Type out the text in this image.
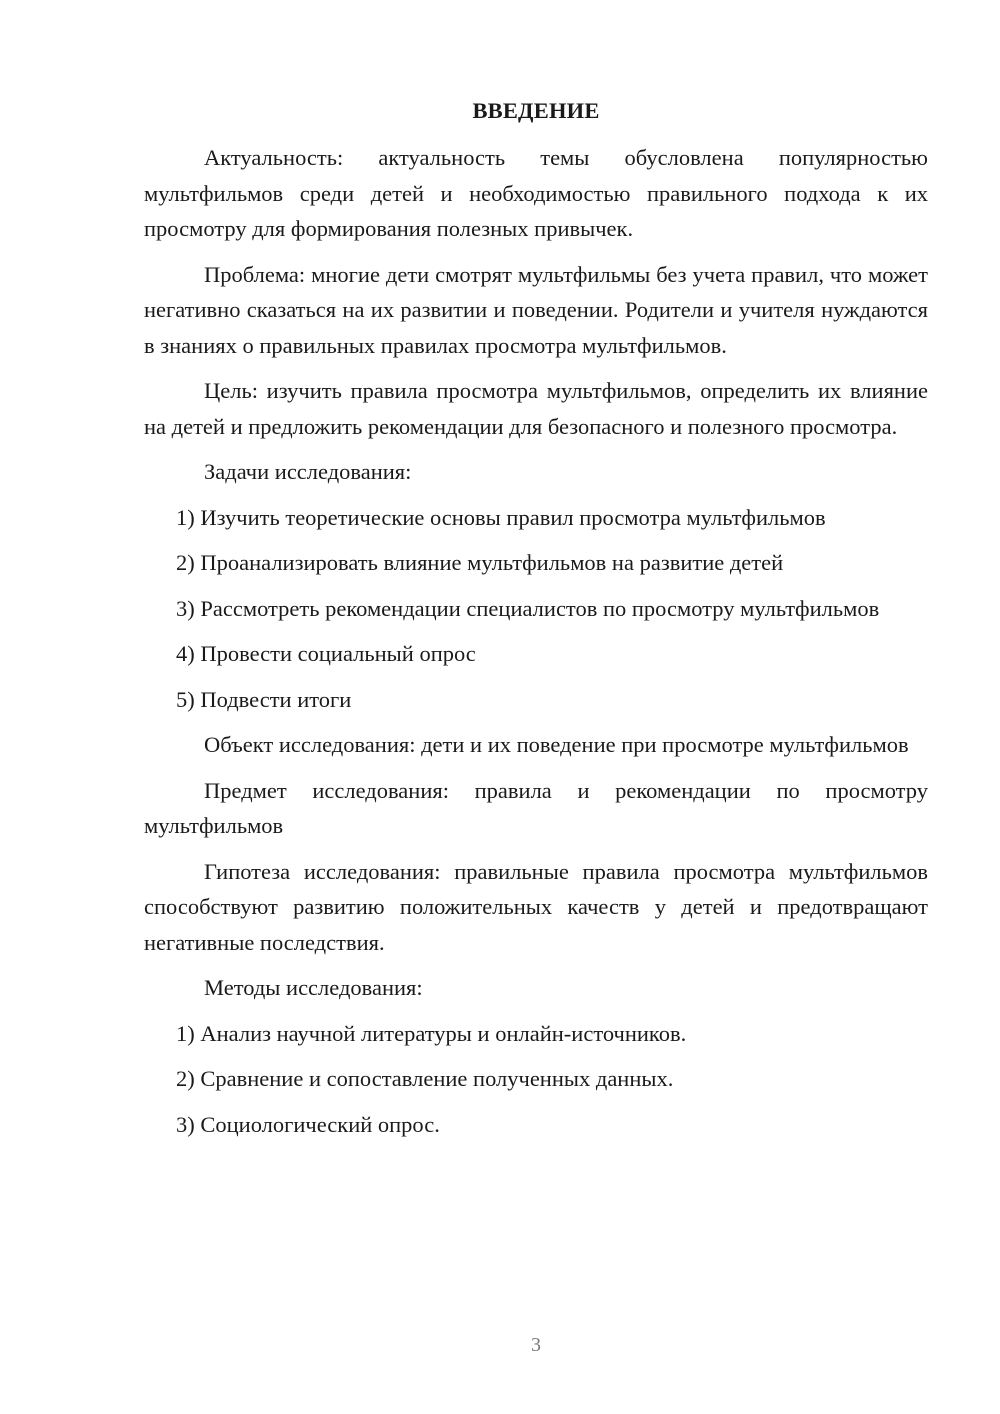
ВВЕДЕНИЕ

Актуальность: актуальность темы обусловлена популярностью мультфильмов среди детей и необходимостью правильного подхода к их просмотру для формирования полезных привычек.

Проблема: многие дети смотрят мультфильмы без учета правил, что может негативно сказаться на их развитии и поведении. Родители и учителя нуждаются в знаниях о правильных правилах просмотра мультфильмов.

Цель: изучить правила просмотра мультфильмов, определить их влияние на детей и предложить рекомендации для безопасного и полезного просмотра.

Задачи исследования:

1) Изучить теоретические основы правил просмотра мультфильмов

2) Проанализировать влияние мультфильмов на развитие детей

3) Рассмотреть рекомендации специалистов по просмотру мультфильмов

4) Провести социальный опрос

5) Подвести итоги

Объект исследования: дети и их поведение при просмотре мультфильмов

Предмет исследования: правила и рекомендации по просмотру мультфильмов

Гипотеза исследования: правильные правила просмотра мультфильмов способствуют развитию положительных качеств у детей и предотвращают негативные последствия.

Методы исследования:

1) Анализ научной литературы и онлайн-источников.

2) Сравнение и сопоставление полученных данных.

3) Социологический опрос.

3
